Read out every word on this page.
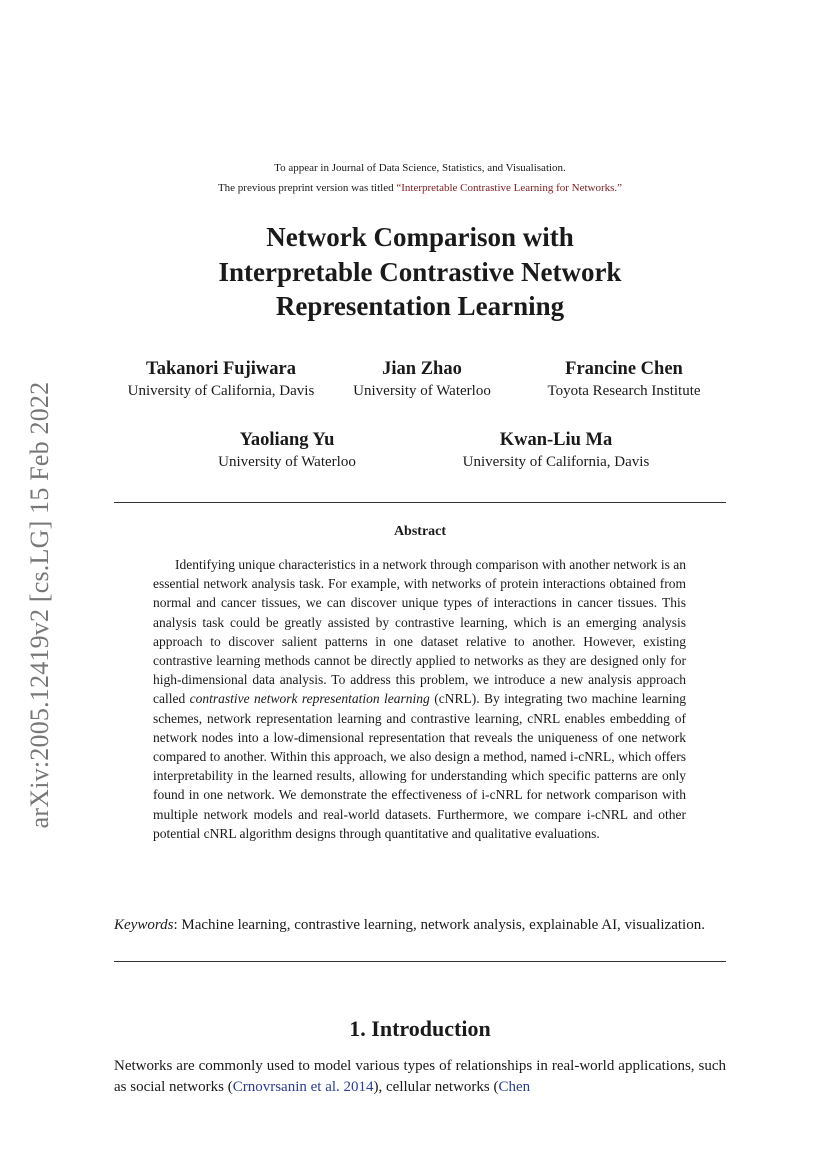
arXiv:2005.12419v2 [cs.LG] 15 Feb 2022
To appear in Journal of Data Science, Statistics, and Visualisation.
The previous preprint version was titled “Interpretable Contrastive Learning for Networks.”
Network Comparison with
Interpretable Contrastive Network
Representation Learning
Takanori Fujiwara
University of California, Davis
Jian Zhao
University of Waterloo
Francine Chen
Toyota Research Institute
Yaoliang Yu
University of Waterloo
Kwan-Liu Ma
University of California, Davis
Abstract
Identifying unique characteristics in a network through comparison with another network is an essential network analysis task. For example, with networks of protein interactions obtained from normal and cancer tissues, we can discover unique types of interactions in cancer tissues. This analysis task could be greatly assisted by contrastive learning, which is an emerging analysis approach to discover salient patterns in one dataset relative to another. However, existing contrastive learning methods cannot be directly applied to networks as they are designed only for high-dimensional data analysis. To address this problem, we introduce a new analysis approach called contrastive network representation learning (cNRL). By integrating two machine learning schemes, network representation learning and contrastive learning, cNRL enables embedding of network nodes into a low-dimensional representation that reveals the uniqueness of one network compared to another. Within this approach, we also design a method, named i-cNRL, which offers interpretability in the learned results, allowing for understanding which specific patterns are only found in one network. We demonstrate the effectiveness of i-cNRL for network comparison with multiple network models and real-world datasets. Furthermore, we compare i-cNRL and other potential cNRL algorithm designs through quantitative and qualitative evaluations.
Keywords: Machine learning, contrastive learning, network analysis, explainable AI, visualization.
1. Introduction
Networks are commonly used to model various types of relationships in real-world applications, such as social networks (Crnovrsanin et al. 2014), cellular networks (Chen
